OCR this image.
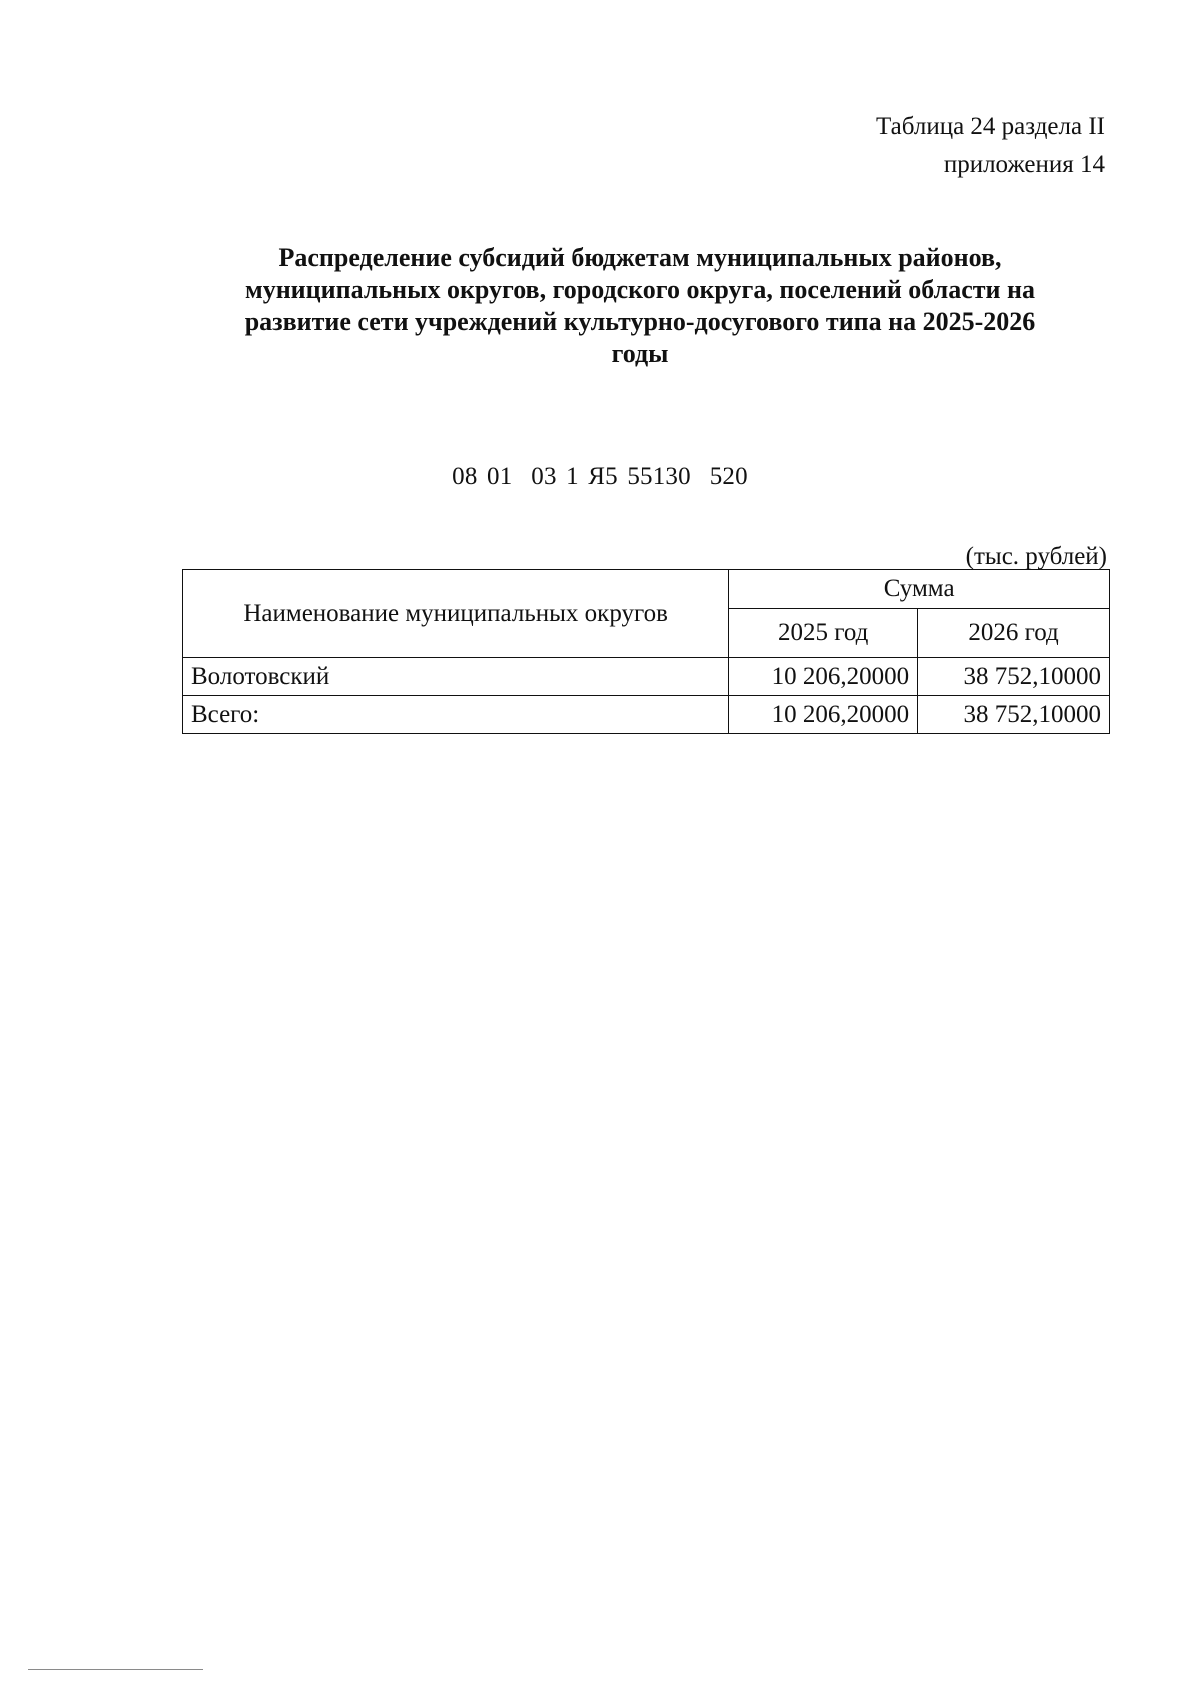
Таблица 24 раздела II
приложения 14
Распределение субсидий бюджетам муниципальных районов,
муниципальных округов, городского округа, поселений области на
развитие сети учреждений культурно-досугового типа на 2025-2026
годы
08 01  03 1 Я5 55130  520
(тыс. рублей)
Наименование муниципальных округов	Сумма	
	2025 год	2026 год
Волотовский	10 206,20000	38 752,10000
Всего:	10 206,20000	38 752,10000
